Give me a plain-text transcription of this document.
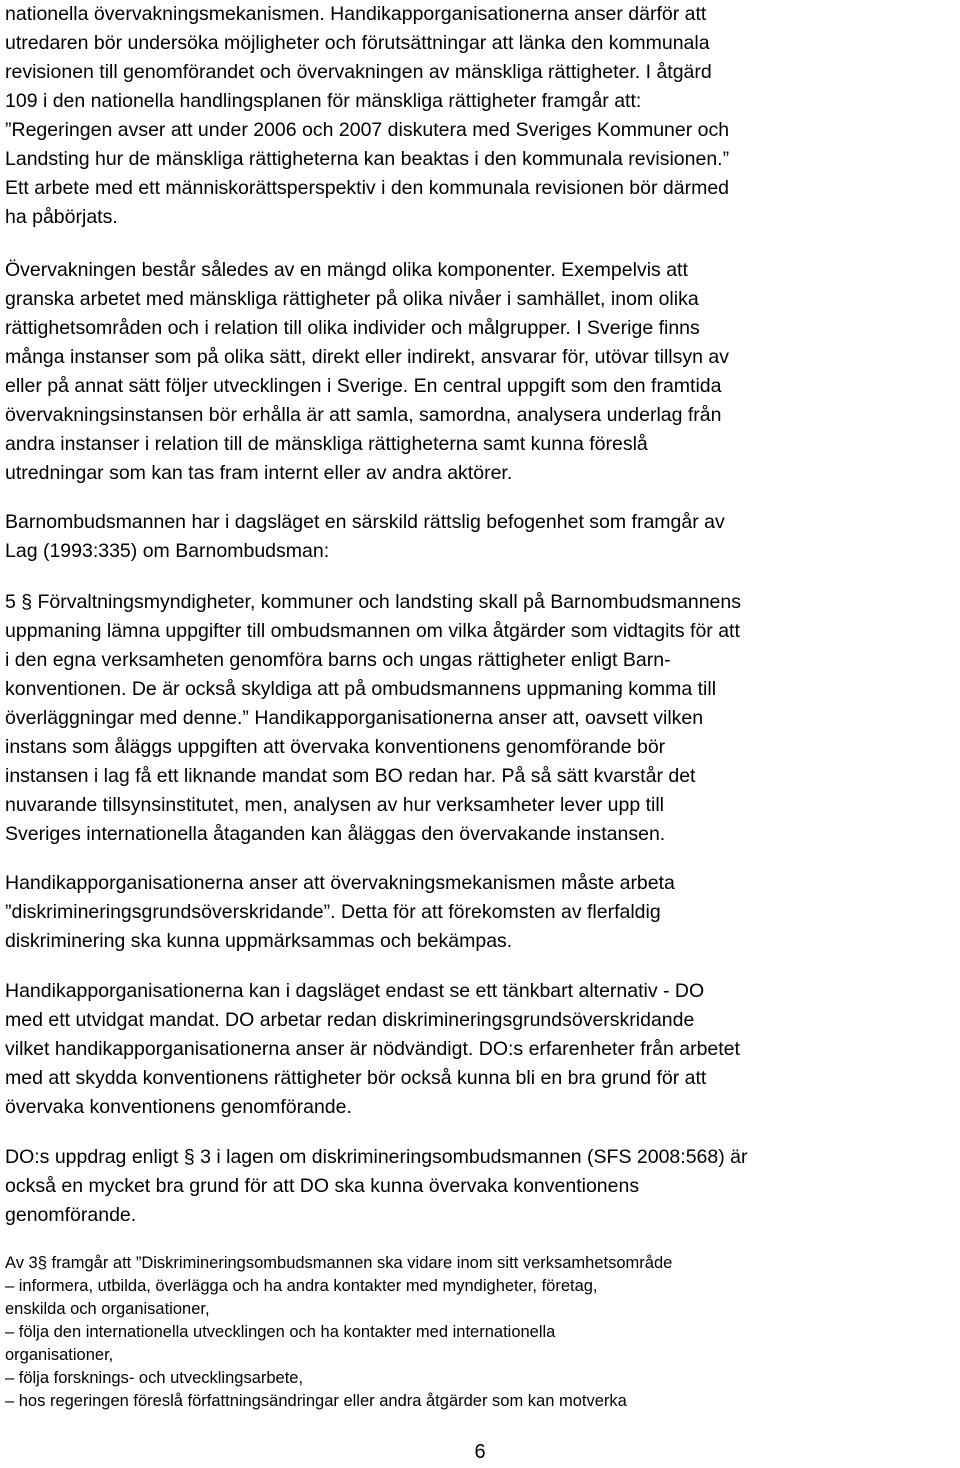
nationella övervakningsmekanismen. Handikapporganisationerna anser därför att
utredaren bör undersöka möjligheter och förutsättningar att länka den kommunala
revisionen till genomförandet och övervakningen av mänskliga rättigheter. I åtgärd
109 i den nationella handlingsplanen för mänskliga rättigheter framgår att:
”Regeringen avser att under 2006 och 2007 diskutera med Sveriges Kommuner och
Landsting hur de mänskliga rättigheterna kan beaktas i den kommunala revisionen.”
Ett arbete med ett människorättsperspektiv i den kommunala revisionen bör därmed
ha påbörjats.

Övervakningen består således av en mängd olika komponenter. Exempelvis att
granska arbetet med mänskliga rättigheter på olika nivåer i samhället, inom olika
rättighetsområden och i relation till olika individer och målgrupper. I Sverige finns
många instanser som på olika sätt, direkt eller indirekt, ansvarar för, utövar tillsyn av
eller på annat sätt följer utvecklingen i Sverige. En central uppgift som den framtida
övervakningsinstansen bör erhålla är att samla, samordna, analysera underlag från
andra instanser i relation till de mänskliga rättigheterna samt kunna föreslå
utredningar som kan tas fram internt eller av andra aktörer.

Barnombudsmannen har i dagsläget en särskild rättslig befogenhet som framgår av
Lag (1993:335) om Barnombudsman:

5 § Förvaltningsmyndigheter, kommuner och landsting skall på Barnombudsmannens
uppmaning lämna uppgifter till ombudsmannen om vilka åtgärder som vidtagits för att
i den egna verksamheten genomföra barns och ungas rättigheter enligt Barn-
konventionen. De är också skyldiga att på ombudsmannens uppmaning komma till
överläggningar med denne.” Handikapporganisationerna anser att, oavsett vilken
instans som åläggs uppgiften att övervaka konventionens genomförande bör
instansen i lag få ett liknande mandat som BO redan har. På så sätt kvarstår det
nuvarande tillsynsinstitutet, men, analysen av hur verksamheter lever upp till
Sveriges internationella åtaganden kan åläggas den övervakande instansen.

Handikapporganisationerna anser att övervakningsmekanismen måste arbeta
”diskrimineringsgrundsöverskridande”. Detta för att förekomsten av flerfaldig
diskriminering ska kunna uppmärksammas och bekämpas.

Handikapporganisationerna kan i dagsläget endast se ett tänkbart alternativ - DO
med ett utvidgat mandat. DO arbetar redan diskrimineringsgrundsöverskridande
vilket handikapporganisationerna anser är nödvändigt. DO:s erfarenheter från arbetet
med att skydda konventionens rättigheter bör också kunna bli en bra grund för att
övervaka konventionens genomförande.

DO:s uppdrag enligt § 3 i lagen om diskrimineringsombudsmannen (SFS 2008:568) är
också en mycket bra grund för att DO ska kunna övervaka konventionens
genomförande.

Av 3§ framgår att ”Diskrimineringsombudsmannen ska vidare inom sitt verksamhetsområde
– informera, utbilda, överlägga och ha andra kontakter med myndigheter, företag,
enskilda och organisationer,
– följa den internationella utvecklingen och ha kontakter med internationella
organisationer,
– följa forsknings- och utvecklingsarbete,
– hos regeringen föreslå författningsändringar eller andra åtgärder som kan motverka

6
